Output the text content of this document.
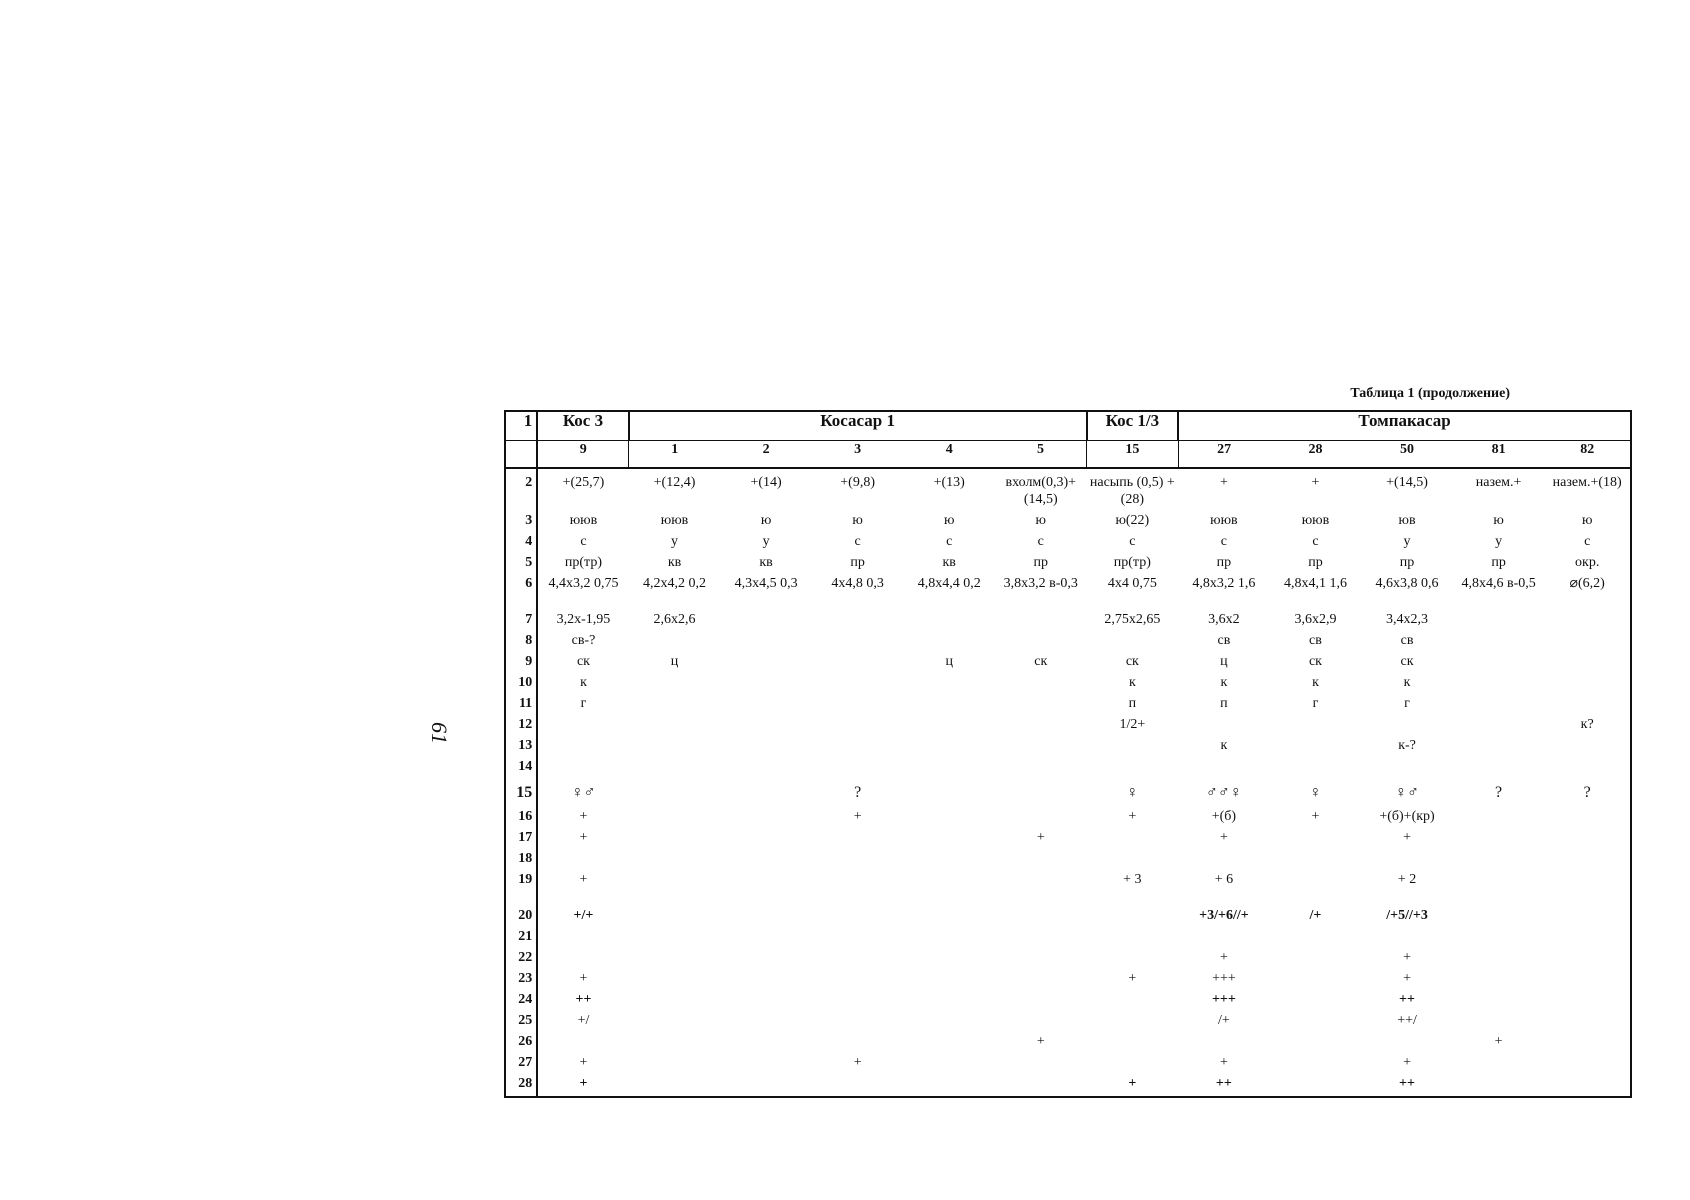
61
Таблица 1 (продолжение)
1	Кос 3	Косасар 1					Кос 1/3	Томпакасар				
	9	1	2	3	4	5	15	27	28	50	81	82
2	+(25,7)	+(12,4)	+(14)	+(9,8)	+(13)	вхолм(0,3)+(14,5)	насыпь (0,5) +(28)	+	+	+(14,5)	назем.+	назем.+(18)
3	ююв	ююв	ю	ю	ю	ю	ю(22)	ююв	ююв	юв	ю	ю
4	с	у	у	с	с	с	с	с	с	у	у	с
5	пр(тр)	кв	кв	пр	кв	пр	пр(тр)	пр	пр	пр	пр	окр.
6	4,4x3,2 0,75	4,2x4,2 0,2	4,3x4,5 0,3	4x4,8 0,3	4,8x4,4 0,2	3,8x3,2 в-0,3	4x4 0,75	4,8x3,2 1,6	4,8x4,1 1,6	4,6x3,8 0,6	4,8x4,6 в-0,5	⌀(6,2)
7	3,2x-1,95	2,6x2,6					2,75x2,65	3,6x2	3,6x2,9	3,4x2,3		
8	св-?							св	св	св		
9	ск	ц			ц	ск	ск	ц	ск	ск		
10	к						к	к	к	к		
11	г						п	п	г	г		
12							1/2+					к?
13								к		к-?		
14												
15	♀♂			?			♀	♂♂♀	♀	♀♂	?	?
16	+			+			+	+(б)	+	+(б)+(кр)		
17	+					+		+		+		
18												
19	+						+ 3	+ 6		+ 2		
20	+/+							+3/+6//+	/+	/+5//+3		
21												
22								+		+		
23	+						+	+++		+		
24	++							+++		++		
25	+/							/+		++/		
26						+					+	
27	+			+				+		+		
28	+						+	++		++		
